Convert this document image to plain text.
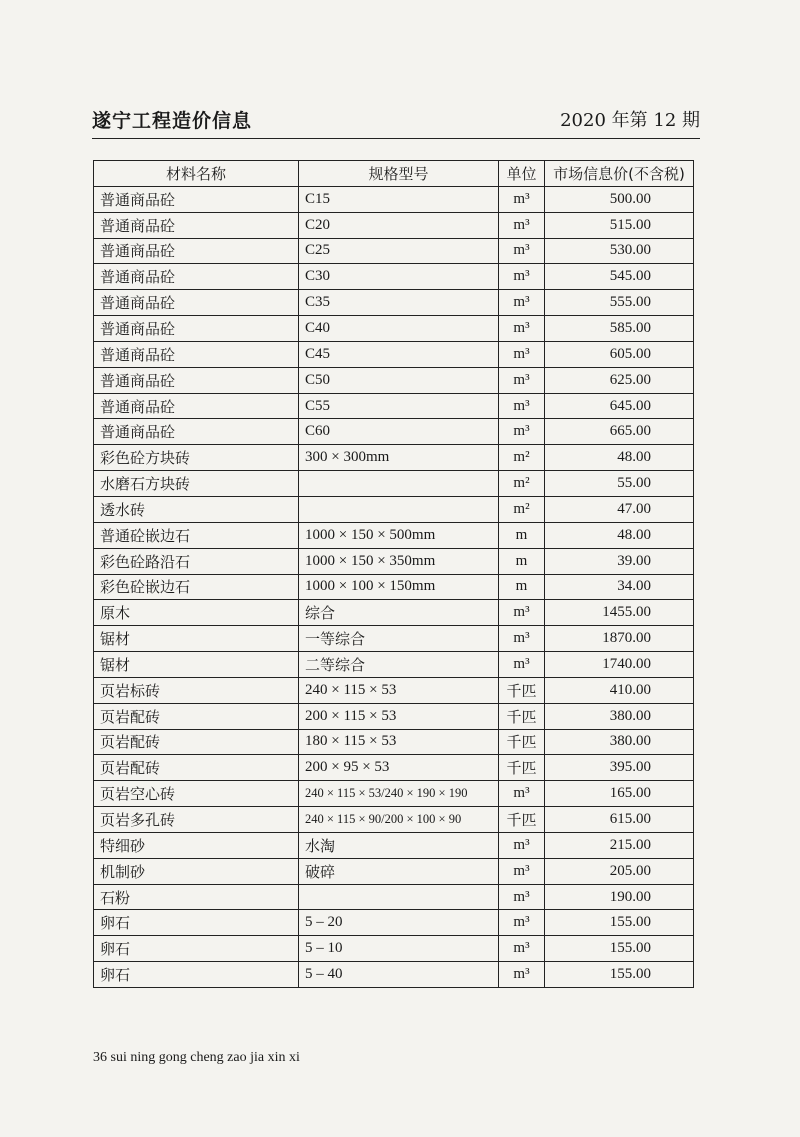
遂宁工程造价信息	2020 年第 12 期
材料名称	规格型号	单位	市场信息价(不含税)
普通商品砼	C15	m³	500.00
普通商品砼	C20	m³	515.00
普通商品砼	C25	m³	530.00
普通商品砼	C30	m³	545.00
普通商品砼	C35	m³	555.00
普通商品砼	C40	m³	585.00
普通商品砼	C45	m³	605.00
普通商品砼	C50	m³	625.00
普通商品砼	C55	m³	645.00
普通商品砼	C60	m³	665.00
彩色砼方块砖	300 × 300mm	m²	48.00
水磨石方块砖		m²	55.00
透水砖		m²	47.00
普通砼嵌边石	1000 × 150 × 500mm	m	48.00
彩色砼路沿石	1000 × 150 × 350mm	m	39.00
彩色砼嵌边石	1000 × 100 × 150mm	m	34.00
原木	综合	m³	1455.00
锯材	一等综合	m³	1870.00
锯材	二等综合	m³	1740.00
页岩标砖	240 × 115 × 53	千匹	410.00
页岩配砖	200 × 115 × 53	千匹	380.00
页岩配砖	180 × 115 × 53	千匹	380.00
页岩配砖	200 × 95 × 53	千匹	395.00
页岩空心砖	240 × 115 × 53/240 × 190 × 190	m³	165.00
页岩多孔砖	240 × 115 × 90/200 × 100 × 90	千匹	615.00
特细砂	水淘	m³	215.00
机制砂	破碎	m³	205.00
石粉		m³	190.00
卵石	5 – 20	m³	155.00
卵石	5 – 10	m³	155.00
卵石	5 – 40	m³	155.00
36 sui ning gong cheng zao jia xin xi
